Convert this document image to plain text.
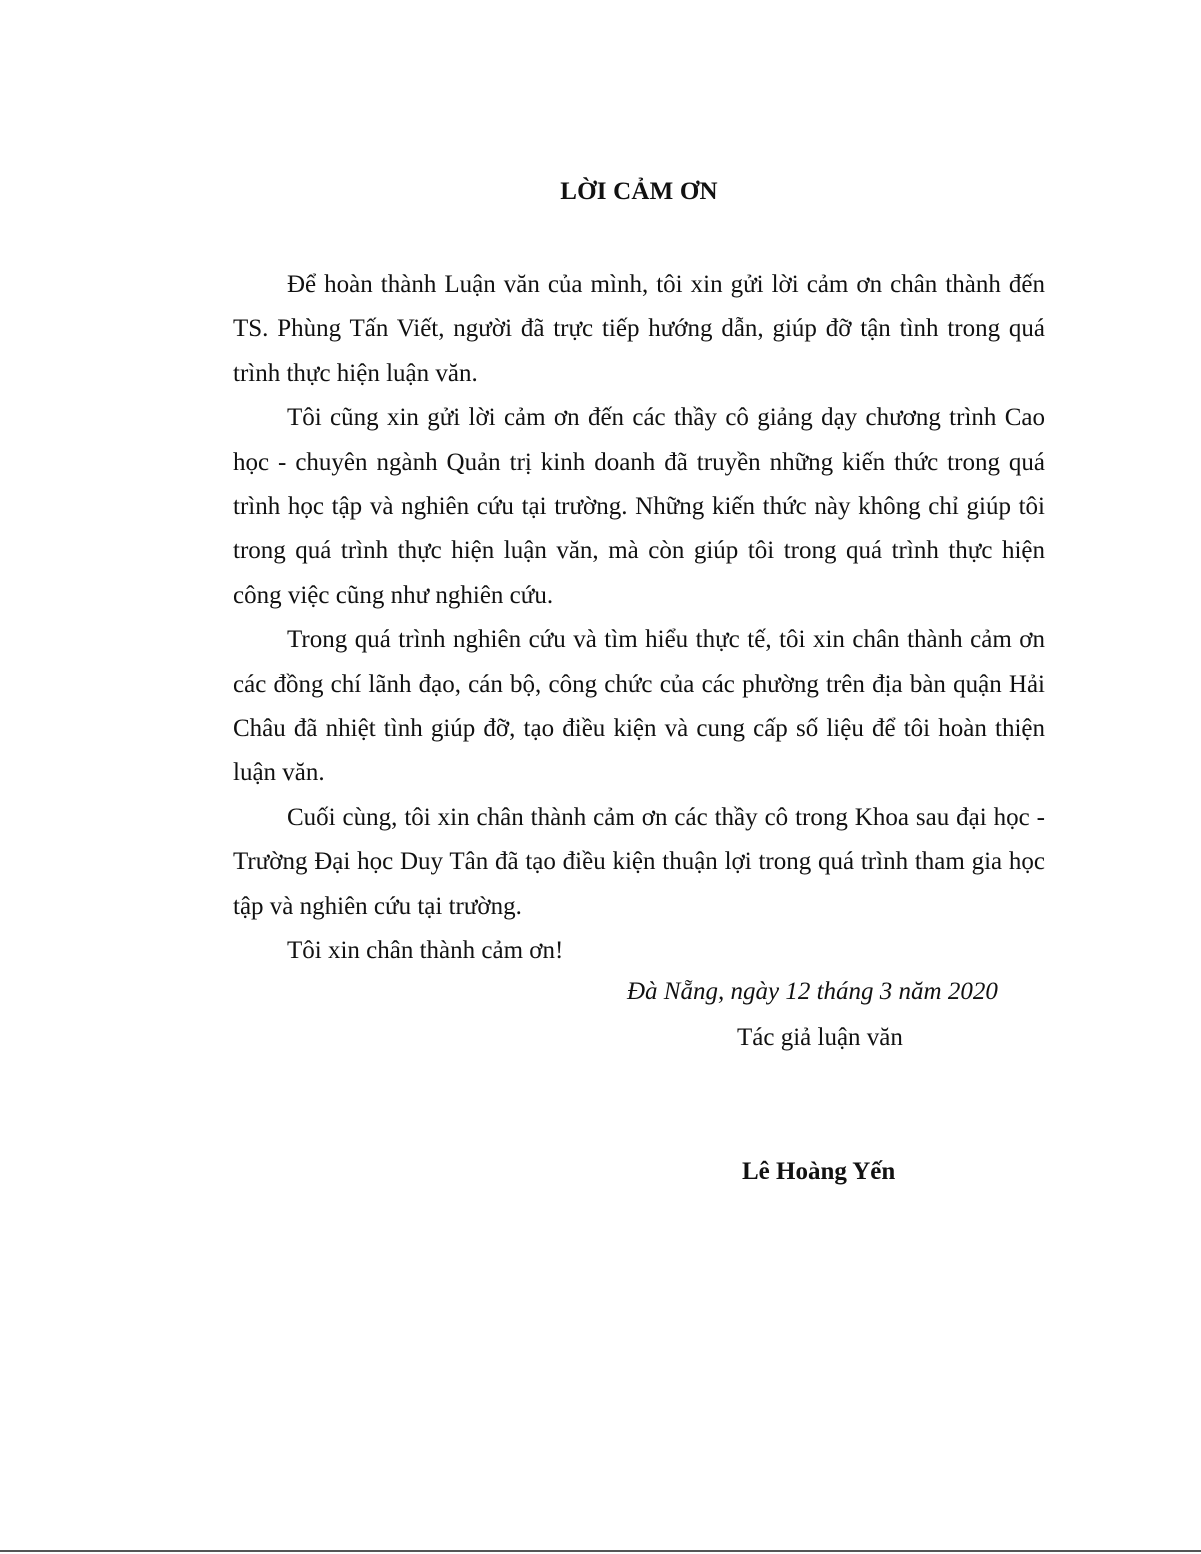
LỜI CẢM ƠN

Để hoàn thành Luận văn của mình, tôi xin gửi lời cảm ơn chân thành đến TS. Phùng Tấn Viết, người đã trực tiếp hướng dẫn, giúp đỡ tận tình trong quá trình thực hiện luận văn.

Tôi cũng xin gửi lời cảm ơn đến các thầy cô giảng dạy chương trình Cao học - chuyên ngành Quản trị kinh doanh đã truyền những kiến thức trong quá trình học tập và nghiên cứu tại trường. Những kiến thức này không chỉ giúp tôi trong quá trình thực hiện luận văn, mà còn giúp tôi trong quá trình thực hiện công việc cũng như nghiên cứu.

Trong quá trình nghiên cứu và tìm hiểu thực tế, tôi xin chân thành cảm ơn các đồng chí lãnh đạo, cán bộ, công chức của các phường trên địa bàn quận Hải Châu đã nhiệt tình giúp đỡ, tạo điều kiện và cung cấp số liệu để tôi hoàn thiện luận văn.

Cuối cùng, tôi xin chân thành cảm ơn các thầy cô trong Khoa sau đại học - Trường Đại học Duy Tân đã tạo điều kiện thuận lợi trong quá trình tham gia học tập và nghiên cứu tại trường.

Tôi xin chân thành cảm ơn!

Đà Nẵng, ngày 12 tháng 3 năm 2020

Tác giả luận văn

Lê Hoàng Yến
